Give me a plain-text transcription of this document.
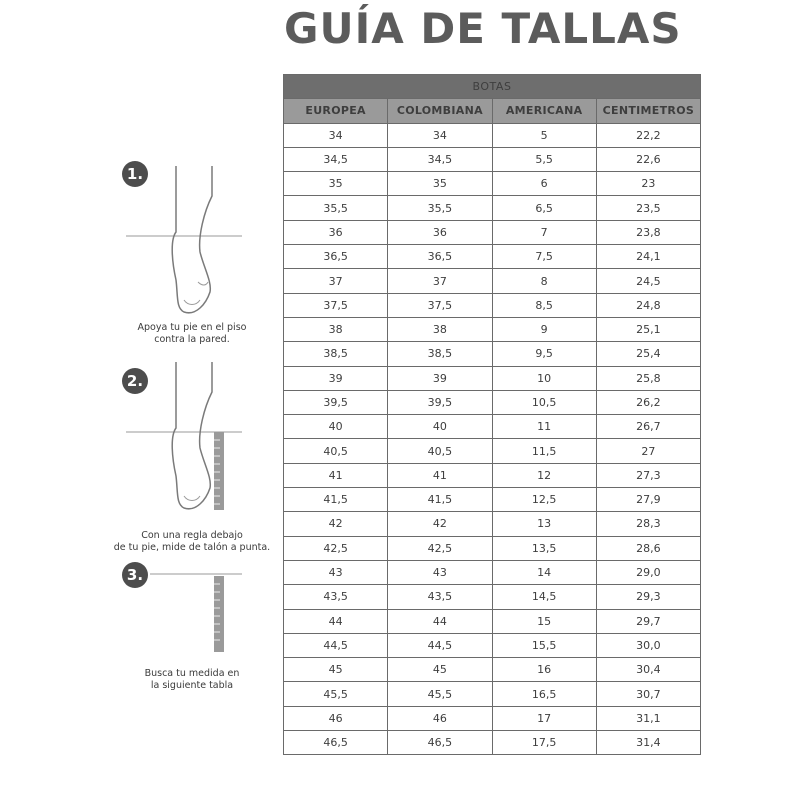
GUÍA DE TALLAS
1.
2.
3.
Apoya tu pie en el piso
contra la pared.
Con una regla debajo
de tu pie, mide de talón a punta.
Busca tu medida en
la siguiente tabla
BOTAS			
EUROPEA	COLOMBIANA	AMERICANA	CENTIMETROS
34	34	5	22,2
34,5	34,5	5,5	22,6
35	35	6	23
35,5	35,5	6,5	23,5
36	36	7	23,8
36,5	36,5	7,5	24,1
37	37	8	24,5
37,5	37,5	8,5	24,8
38	38	9	25,1
38,5	38,5	9,5	25,4
39	39	10	25,8
39,5	39,5	10,5	26,2
40	40	11	26,7
40,5	40,5	11,5	27
41	41	12	27,3
41,5	41,5	12,5	27,9
42	42	13	28,3
42,5	42,5	13,5	28,6
43	43	14	29,0
43,5	43,5	14,5	29,3
44	44	15	29,7
44,5	44,5	15,5	30,0
45	45	16	30,4
45,5	45,5	16,5	30,7
46	46	17	31,1
46,5	46,5	17,5	31,4
